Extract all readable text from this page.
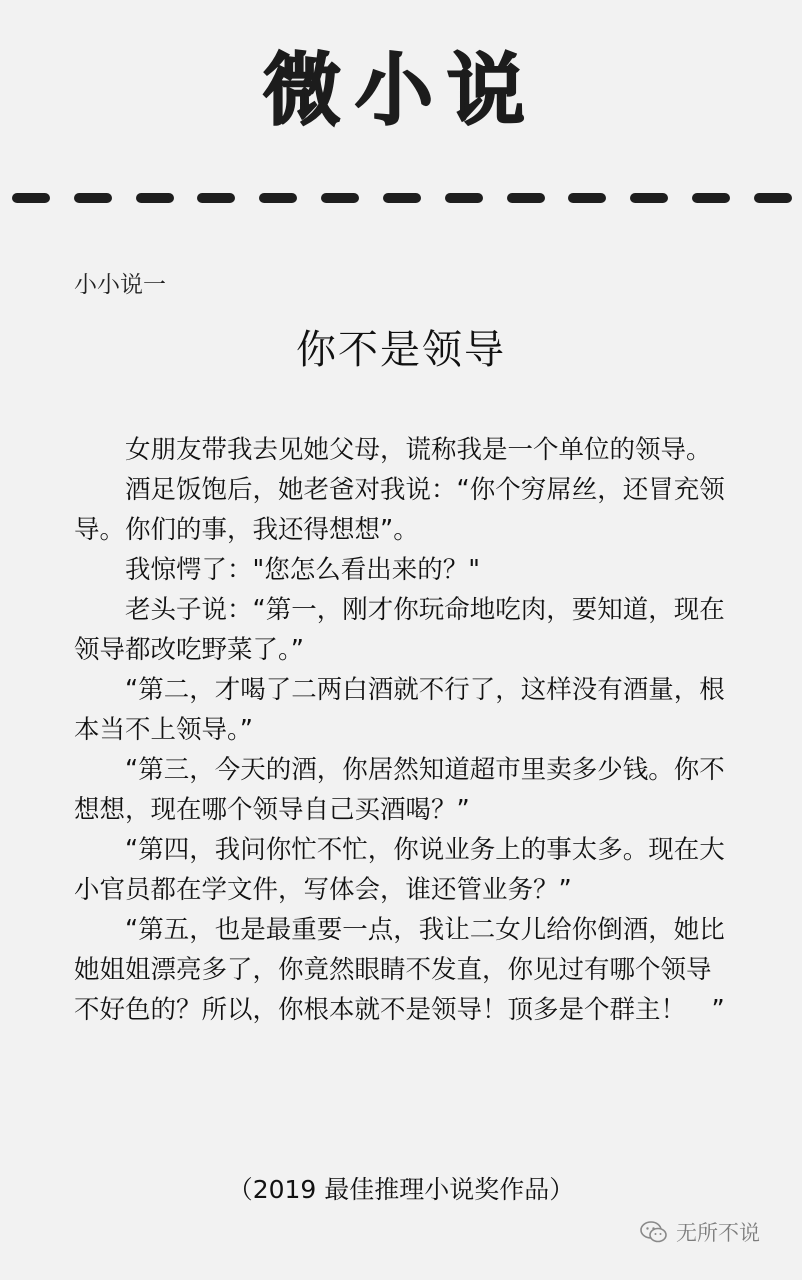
微小说
小小说一
你不是领导

女朋友带我去见她父母，谎称我是一个单位的领导。

酒足饭饱后，她老爸对我说：“你个穷屌丝，还冒充领导。你们的事，我还得想想”。

我惊愕了："您怎么看出来的？"

老头子说：“第一，刚才你玩命地吃肉，要知道，现在领导都改吃野菜了。”

“第二，才喝了二两白酒就不行了，这样没有酒量，根本当不上领导。”

“第三，今天的酒，你居然知道超市里卖多少钱。你不想想，现在哪个领导自己买酒喝？”

“第四，我问你忙不忙，你说业务上的事太多。现在大小官员都在学文件，写体会，谁还管业务？”

“第五，也是最重要一点，我让二女儿给你倒酒，她比她姐姐漂亮多了，你竟然眼睛不发直，你见过有哪个领导不好色的？所以，你根本就不是领导！顶多是个群主！　”

（2019 最佳推理小说奖作品）
无所不说
